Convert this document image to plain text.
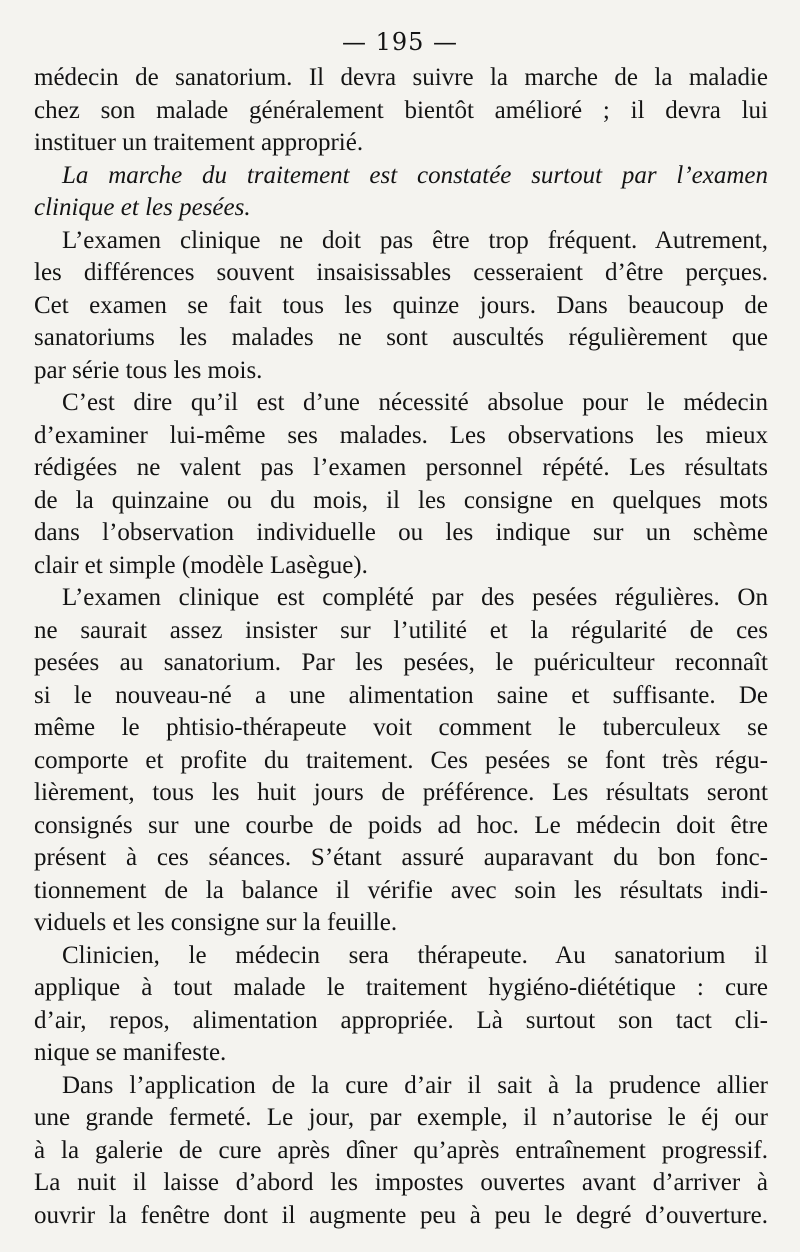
— 195 —
médecin de sanatorium. Il devra suivre la marche de la maladie
chez son malade généralement bientôt amélioré ; il devra lui
instituer un traitement approprié.
La marche du traitement est constatée surtout par l’examen
clinique et les pesées.
L’examen clinique ne doit pas être trop fréquent. Autrement,
les différences souvent insaisissables cesseraient d’être perçues.
Cet examen se fait tous les quinze jours. Dans beaucoup de
sanatoriums les malades ne sont auscultés régulièrement que
par série tous les mois.
C’est dire qu’il est d’une nécessité absolue pour le médecin
d’examiner lui-même ses malades. Les observations les mieux
rédigées ne valent pas l’examen personnel répété. Les résultats
de la quinzaine ou du mois, il les consigne en quelques mots
dans l’observation individuelle ou les indique sur un schème
clair et simple (modèle Lasègue).
L’examen clinique est complété par des pesées régulières. On
ne saurait assez insister sur l’utilité et la régularité de ces
pesées au sanatorium. Par les pesées, le puériculteur reconnaît
si le nouveau-né a une alimentation saine et suffisante. De
même le phtisio-thérapeute voit comment le tuberculeux se
comporte et profite du traitement. Ces pesées se font très régu-
lièrement, tous les huit jours de préférence. Les résultats seront
consignés sur une courbe de poids ad hoc. Le médecin doit être
présent à ces séances. S’étant assuré auparavant du bon fonc-
tionnement de la balance il vérifie avec soin les résultats indi-
viduels et les consigne sur la feuille.
Clinicien, le médecin sera thérapeute. Au sanatorium il
applique à tout malade le traitement hygiéno-diététique : cure
d’air, repos, alimentation appropriée. Là surtout son tact cli-
nique se manifeste.
Dans l’application de la cure d’air il sait à la prudence allier
une grande fermeté. Le jour, par exemple, il n’autorise le éj our
à la galerie de cure après dîner qu’après entraînement progressif.
La nuit il laisse d’abord les impostes ouvertes avant d’arriver à
ouvrir la fenêtre dont il augmente peu à peu le degré d’ouverture.
